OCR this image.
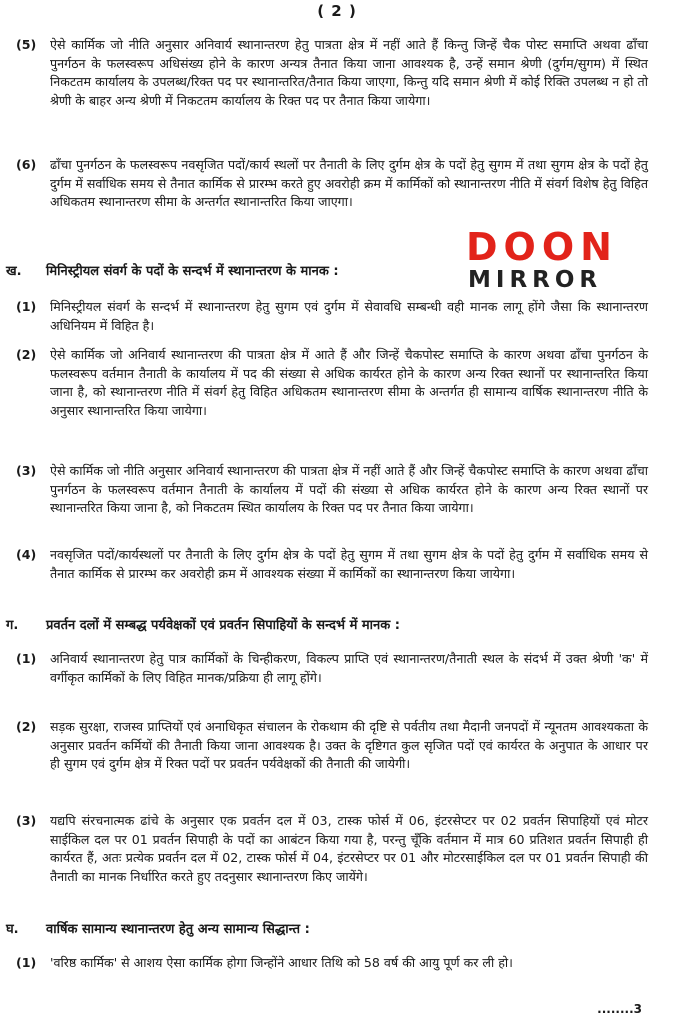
( 2 )
(5)	ऐसे कार्मिक जो नीति अनुसार अनिवार्य स्थानान्तरण हेतु पात्रता क्षेत्र में नहीं आते हैं किन्तु जिन्हें चैक पोस्ट समाप्ति अथवा ढाँचा पुनर्गठन के फलस्वरूप अधिसंख्य होने के कारण अन्यत्र तैनात किया जाना आवश्यक है, उन्हें समान श्रेणी (दुर्गम/सुगम) में स्थित निकटतम कार्यालय के उपलब्ध/रिक्त पद पर स्थानान्तरित/तैनात किया जाएगा, किन्तु यदि समान श्रेणी में कोई रिक्ति उपलब्ध न हो तो श्रेणी के बाहर अन्य श्रेणी में निकटतम कार्यालय के रिक्त पद पर तैनात किया जायेगा।
(6)	ढाँचा पुनर्गठन के फलस्वरूप नवसृजित पदों/कार्य स्थलों पर तैनाती के लिए दुर्गम क्षेत्र के पदों हेतु सुगम में तथा सुगम क्षेत्र के पदों हेतु दुर्गम में सर्वाधिक समय से तैनात कार्मिक से प्रारम्भ करते हुए अवरोही क्रम में कार्मिकों को स्थानान्तरण नीति में संवर्ग विशेष हेतु विहित अधिकतम स्थानान्तरण सीमा के अन्तर्गत स्थानान्तरित किया जाएगा।
DOON
MIRROR
ख.	मिनिस्ट्रीयल संवर्ग के पदों के सन्दर्भ में स्थानान्तरण के मानक :
(1)	मिनिस्ट्रीयल संवर्ग के सन्दर्भ में स्थानान्तरण हेतु सुगम एवं दुर्गम में सेवावधि सम्बन्धी वही मानक लागू होंगे जैसा कि स्थानान्तरण अधिनियम में विहित है।
(2)	ऐसे कार्मिक जो अनिवार्य स्थानान्तरण की पात्रता क्षेत्र में आते हैं और जिन्हें चैकपोस्ट समाप्ति के कारण अथवा ढाँचा पुनर्गठन के फलस्वरूप वर्तमान तैनाती के कार्यालय में पद की संख्या से अधिक कार्यरत होने के कारण अन्य रिक्त स्थानों पर स्थानान्तरित किया जाना है, को स्थानान्तरण नीति में संवर्ग हेतु विहित अधिकतम स्थानान्तरण सीमा के अन्तर्गत ही सामान्य वार्षिक स्थानान्तरण नीति के अनुसार स्थानान्तरित किया जायेगा।
(3)	ऐसे कार्मिक जो नीति अनुसार अनिवार्य स्थानान्तरण की पात्रता क्षेत्र में नहीं आते हैं और जिन्हें चैकपोस्ट समाप्ति के कारण अथवा ढाँचा पुनर्गठन के फलस्वरूप वर्तमान तैनाती के कार्यालय में पदों की संख्या से अधिक कार्यरत होने के कारण अन्य रिक्त स्थानों पर स्थानान्तरित किया जाना है, को निकटतम स्थित कार्यालय के रिक्त पद पर तैनात किया जायेगा।
(4)	नवसृजित पदों/कार्यस्थलों पर तैनाती के लिए दुर्गम क्षेत्र के पदों हेतु सुगम में तथा सुगम क्षेत्र के पदों हेतु दुर्गम में सर्वाधिक समय से तैनात कार्मिक से प्रारम्भ कर अवरोही क्रम में आवश्यक संख्या में कार्मिकों का स्थानान्तरण किया जायेगा।
ग.	प्रवर्तन दलों में सम्बद्ध पर्यवेक्षकों एवं प्रवर्तन सिपाहियों के सन्दर्भ में मानक :
(1)	अनिवार्य स्थानान्तरण हेतु पात्र कार्मिकों के चिन्हीकरण, विकल्प प्राप्ति एवं स्थानान्तरण/तैनाती स्थल के संदर्भ में उक्त श्रेणी 'क' में वर्गीकृत कार्मिकों के लिए विहित मानक/प्रक्रिया ही लागू होंगे।
(2)	सड़क सुरक्षा, राजस्व प्राप्तियों एवं अनाधिकृत संचालन के रोकथाम की दृष्टि से पर्वतीय तथा मैदानी जनपदों में न्यूनतम आवश्यकता के अनुसार प्रवर्तन कर्मियों की तैनाती किया जाना आवश्यक है। उक्त के दृष्टिगत कुल सृजित पदों एवं कार्यरत के अनुपात के आधार पर ही सुगम एवं दुर्गम क्षेत्र में रिक्त पदों पर प्रवर्तन पर्यवेक्षकों की तैनाती की जायेगी।
(3)	यद्यपि संरचनात्मक ढांचे के अनुसार एक प्रवर्तन दल में 03, टास्क फोर्स में 06, इंटरसेप्टर पर 02 प्रवर्तन सिपाहियों एवं मोटर साईकिल दल पर 01 प्रवर्तन सिपाही के पदों का आबंटन किया गया है, परन्तु चूँकि वर्तमान में मात्र 60 प्रतिशत प्रवर्तन सिपाही ही कार्यरत हैं, अतः प्रत्येक प्रवर्तन दल में 02, टास्क फोर्स में 04, इंटरसेप्टर पर 01 और मोटरसाईकिल दल पर 01 प्रवर्तन सिपाही की तैनाती का मानक निर्धारित करते हुए तदनुसार स्थानान्तरण किए जायेंगे।
घ.	वार्षिक सामान्य स्थानान्तरण हेतु अन्य सामान्य सिद्धान्त :
(1)	'वरिष्ठ कार्मिक' से आशय ऐसा कार्मिक होगा जिन्होंने आधार तिथि को 58 वर्ष की आयु पूर्ण कर ली हो।
........3
